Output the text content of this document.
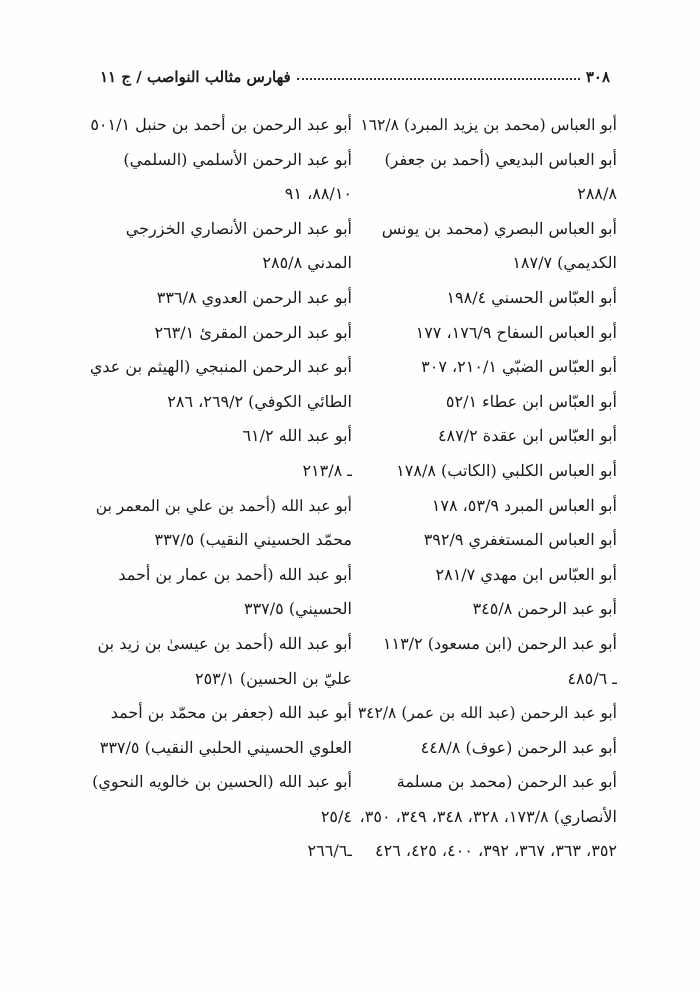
٣٠٨
فهارس مثالب النواصب / ج ١١
أبو العباس (محمد بن يزيد المبرد) ١٦٢/٨
أبو العباس البديعي (أحمد بن جعفر)
٢٨٨/٨
أبو العباس البصري (محمد بن يونس
الكديمي) ١٨٧/٧
أبو العبّاس الحسني ١٩٨/٤
أبو العباس السفاح ١٧٦/٩، ١٧٧
أبو العبّاس الضبّي ٢١٠/١، ٣٠٧
أبو العبّاس ابن عطاء ٥٢/١
أبو العبّاس ابن عقدة ٤٨٧/٢
أبو العباس الكلبي (الكاتب) ١٧٨/٨
أبو العباس المبرد ٥٣/٩، ١٧٨
أبو العباس المستغفري ٣٩٢/٩
أبو العبّاس ابن مهدي ٢٨١/٧
أبو عبد الرحمن ٣٤٥/٨
أبو عبد الرحمن (ابن مسعود) ١١٣/٢
ـ ٤٨٥/٦
أبو عبد الرحمن (عبد الله بن عمر) ٣٤٢/٨
أبو عبد الرحمن (عوف) ٤٤٨/٨
أبو عبد الرحمن (محمد بن مسلمة
الأنصاري) ١٧٣/٨، ٣٢٨، ٣٤٨، ٣٤٩، ٣٥٠،
٣٥٢، ٣٦٣، ٣٦٧، ٣٩٢، ٤٠٠، ٤٢٥، ٤٢٦
أبو عبد الرحمن بن أحمد بن حنبل ٥٠١/١
أبو عبد الرحمن الأسلمي (السلمي)
٨٨/١٠، ٩١
أبو عبد الرحمن الأنصاري الخزرجي
المدني ٢٨٥/٨
أبو عبد الرحمن العدوي ٣٣٦/٨
أبو عبد الرحمن المقرئ ٢٦٣/١
أبو عبد الرحمن المنبجي (الهيثم بن عدي
الطائي الكوفي) ٢٦٩/٢، ٢٨٦
أبو عبد الله ٦١/٢
ـ ٢١٣/٨
أبو عبد الله (أحمد بن علي بن المعمر بن
محمّد الحسيني النقيب) ٣٣٧/٥
أبو عبد الله (أحمد بن عمار بن أحمد
الحسيني) ٣٣٧/٥
أبو عبد الله (أحمد بن عيسىٰ بن زيد بن
عليّ بن الحسين) ٢٥٣/١
أبو عبد الله (جعفر بن محمّد بن أحمد
العلوي الحسيني الحلبي النقيب) ٣٣٧/٥
أبو عبد الله (الحسين بن خالويه النحوي)
٢٥/٤
ـ٢٦٦/٦
